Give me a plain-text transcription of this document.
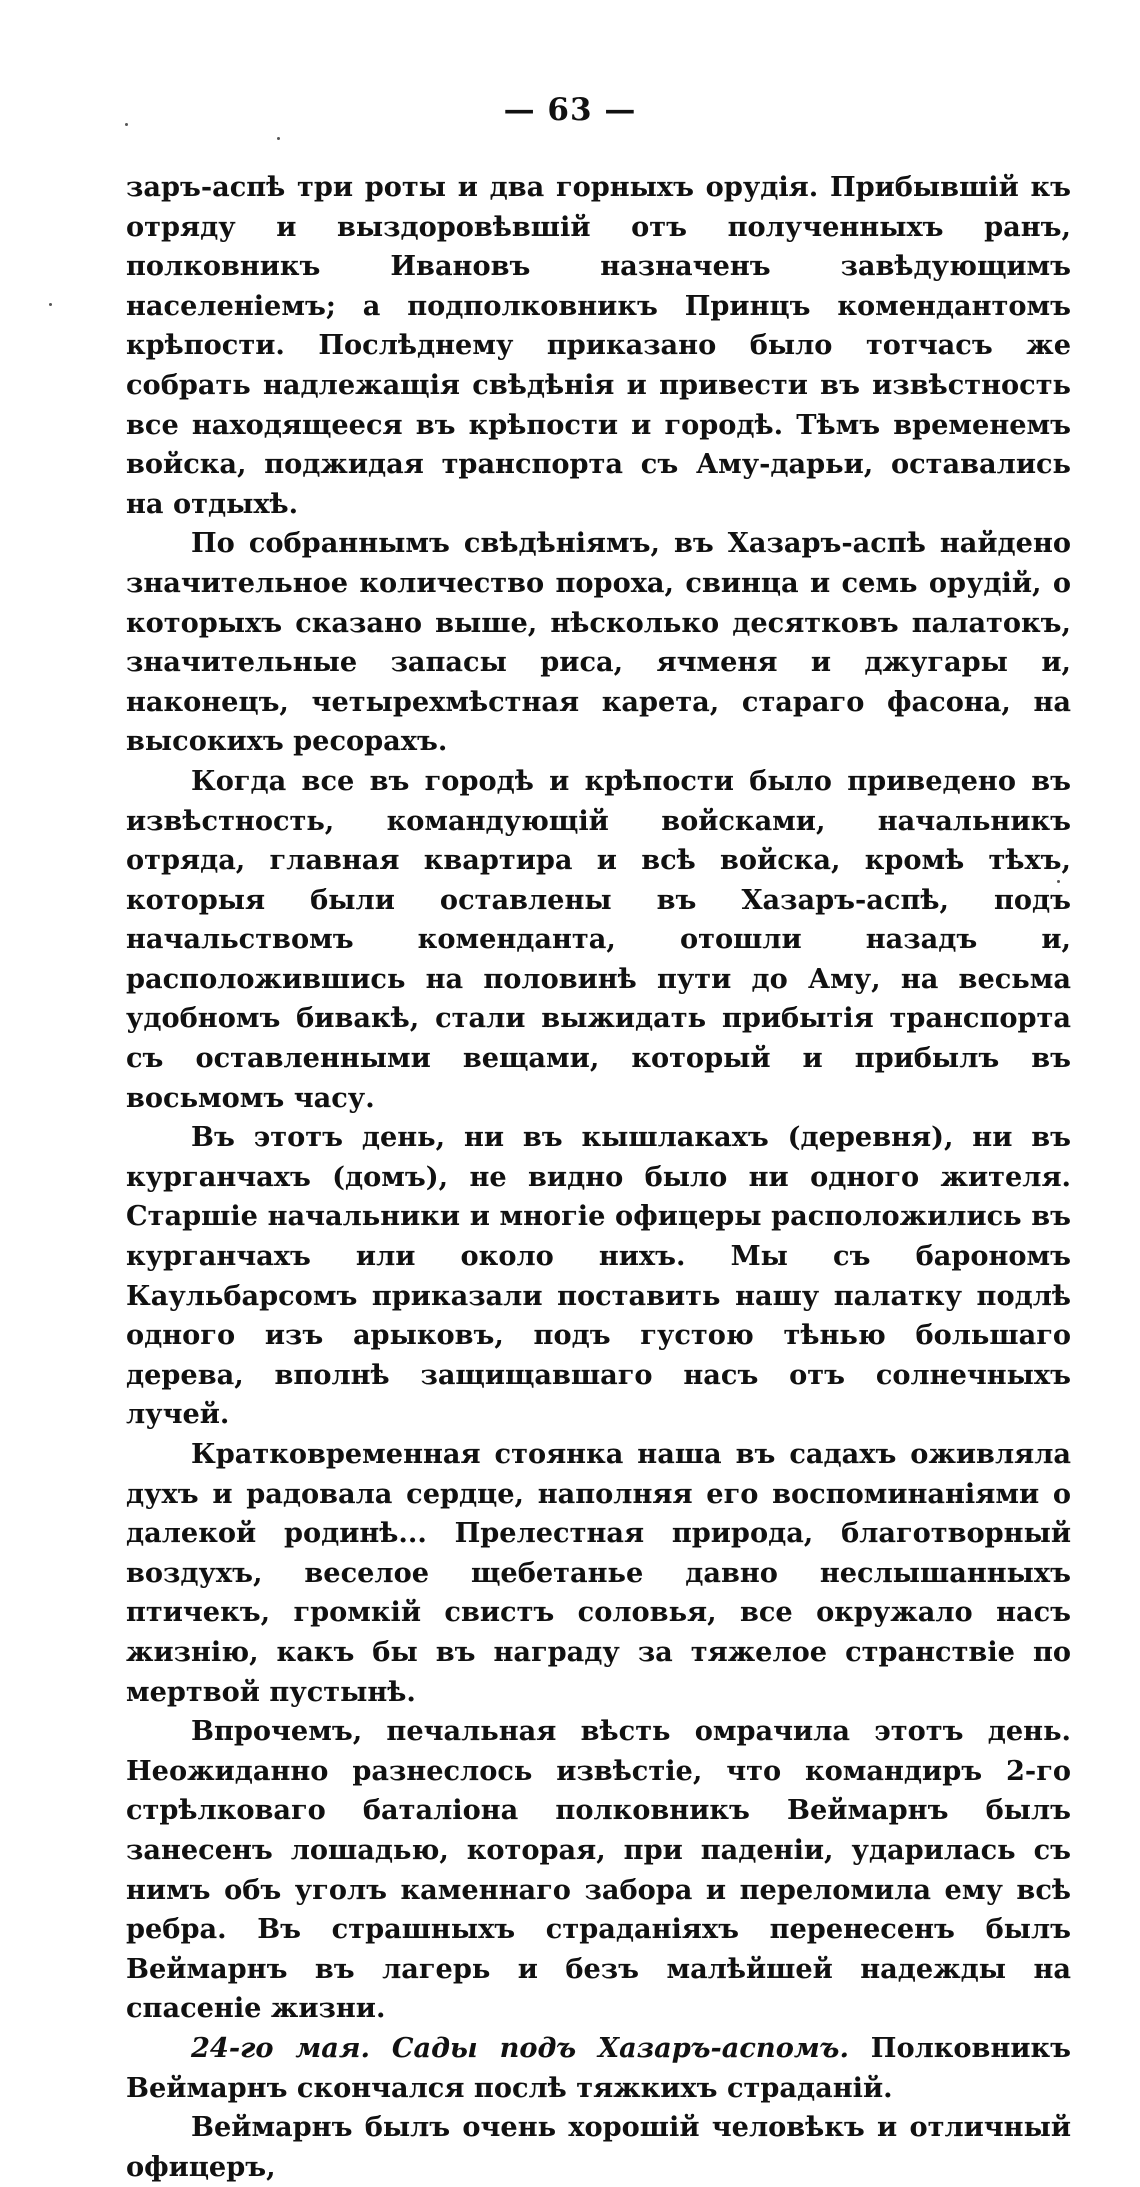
— 63 —

заръ-аспѣ три роты и два горныхъ орудія. Прибывшій къ отряду и выздоровѣвшій отъ полученныхъ ранъ, полковникъ Ивановъ назначенъ завѣдующимъ населеніемъ; а подполковникъ Принцъ комендантомъ крѣпости. Послѣднему приказано было тотчасъ же собрать надлежащія свѣдѣнія и привести въ извѣстность все находящееся въ крѣпости и городѣ. Тѣмъ временемъ войска, поджидая транспорта съ Аму-дарьи, оставались на отдыхѣ.

По собраннымъ свѣдѣніямъ, въ Хазаръ-аспѣ найдено значительное количество пороха, свинца и семь орудій, о которыхъ сказано выше, нѣсколько десятковъ палатокъ, значительные запасы риса, ячменя и джугары и, наконецъ, четырехмѣстная карета, стараго фасона, на высокихъ ресорахъ.

Когда все въ городѣ и крѣпости было приведено въ извѣстность, командующій войсками, начальникъ отряда, главная квартира и всѣ войска, кромѣ тѣхъ, которыя были оставлены въ Хазаръ-аспѣ, подъ начальствомъ коменданта, отошли назадъ и, расположившись на половинѣ пути до Аму, на весьма удобномъ бивакѣ, стали выжидать прибытія транспорта съ оставленными вещами, который и прибылъ въ восьмомъ часу.

Въ этотъ день, ни въ кышлакахъ (деревня), ни въ курганчахъ (домъ), не видно было ни одного жителя. Старшіе начальники и многіе офицеры расположились въ курганчахъ или около нихъ. Мы съ барономъ Каульбарсомъ приказали поставить нашу палатку подлѣ одного изъ арыковъ, подъ густою тѣнью большаго дерева, вполнѣ защищавшаго насъ отъ солнечныхъ лучей.

Кратковременная стоянка наша въ садахъ оживляла духъ и радовала сердце, наполняя его воспоминаніями о далекой родинѣ... Прелестная природа, благотворный воздухъ, веселое щебетанье давно неслышанныхъ птичекъ, громкій свистъ соловья, все окружало насъ жизнію, какъ бы въ награду за тяжелое странствіе по мертвой пустынѣ.

Впрочемъ, печальная вѣсть омрачила этотъ день. Неожиданно разнеслось извѣстіе, что командиръ 2-го стрѣлковаго баталіона полковникъ Веймарнъ былъ занесенъ лошадью, которая, при паденіи, ударилась съ нимъ объ уголъ каменнаго забора и переломила ему всѣ ребра. Въ страшныхъ страданіяхъ перенесенъ былъ Веймарнъ въ лагерь и безъ малѣйшей надежды на спасеніе жизни.

24-го мая. Сады подъ Хазаръ-аспомъ. Полковникъ Веймарнъ скончался послѣ тяжкихъ страданій.

Веймарнъ былъ очень хорошій человѣкъ и отличный офицеръ,
